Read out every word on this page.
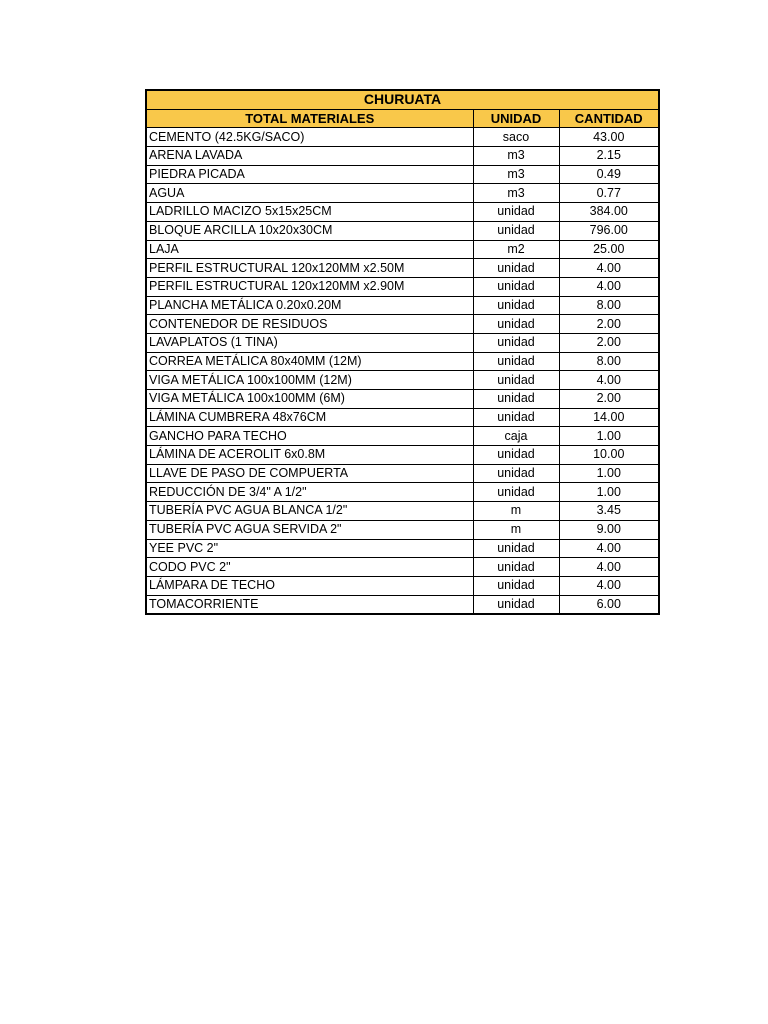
CHURUATA		
TOTAL MATERIALES	UNIDAD	CANTIDAD
CEMENTO (42.5KG/SACO)	saco	43.00
ARENA LAVADA	m3	2.15
PIEDRA PICADA	m3	0.49
AGUA	m3	0.77
LADRILLO MACIZO 5x15x25CM	unidad	384.00
BLOQUE ARCILLA 10x20x30CM	unidad	796.00
LAJA	m2	25.00
PERFIL ESTRUCTURAL 120x120MM x2.50M	unidad	4.00
PERFIL ESTRUCTURAL 120x120MM x2.90M	unidad	4.00
PLANCHA METÁLICA 0.20x0.20M	unidad	8.00
CONTENEDOR DE RESIDUOS	unidad	2.00
LAVAPLATOS (1 TINA)	unidad	2.00
CORREA METÁLICA 80x40MM (12M)	unidad	8.00
VIGA METÁLICA 100x100MM (12M)	unidad	4.00
VIGA METÁLICA 100x100MM (6M)	unidad	2.00
LÁMINA CUMBRERA 48x76CM	unidad	14.00
GANCHO PARA TECHO	caja	1.00
LÁMINA DE ACEROLIT 6x0.8M	unidad	10.00
LLAVE DE PASO DE COMPUERTA	unidad	1.00
REDUCCIÓN DE 3/4" A 1/2"	unidad	1.00
TUBERÍA PVC AGUA BLANCA 1/2"	m	3.45
TUBERÍA PVC AGUA SERVIDA 2"	m	9.00
YEE PVC 2"	unidad	4.00
CODO PVC 2"	unidad	4.00
LÁMPARA DE TECHO	unidad	4.00
TOMACORRIENTE	unidad	6.00
